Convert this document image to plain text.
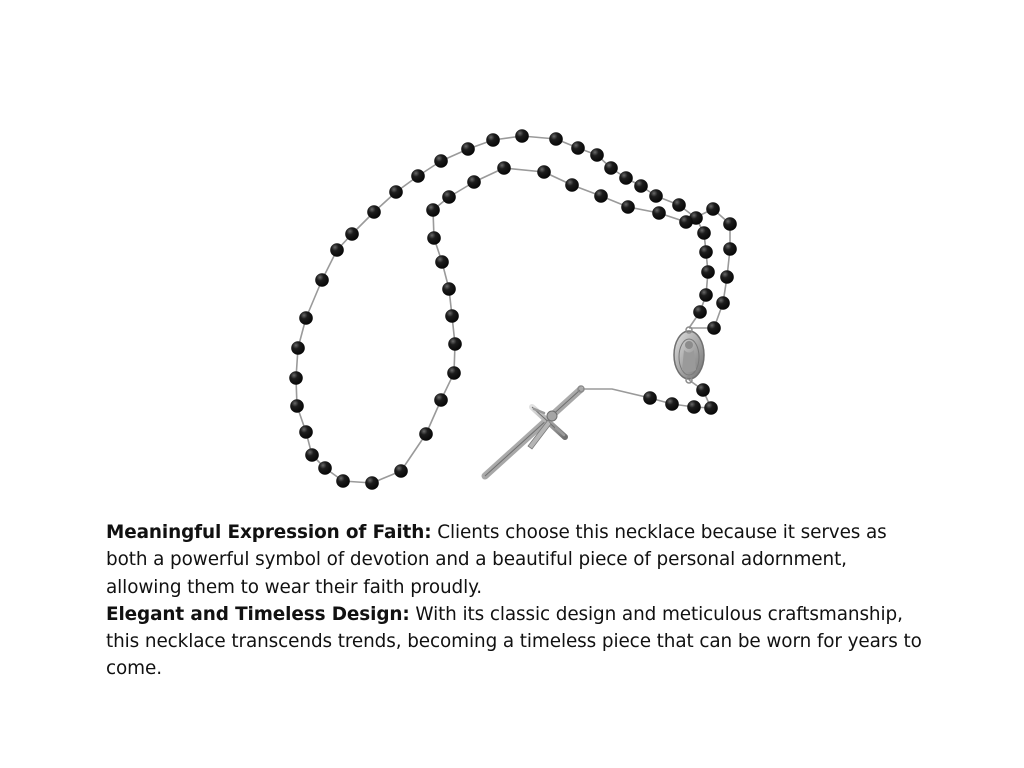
Meaningful Expression of Faith: Clients choose this necklace because it serves as both a powerful symbol of devotion and a beautiful piece of personal adornment, allowing them to wear their faith proudly.

Elegant and Timeless Design: With its classic design and meticulous craftsmanship, this necklace transcends trends, becoming a timeless piece that can be worn for years to come.
